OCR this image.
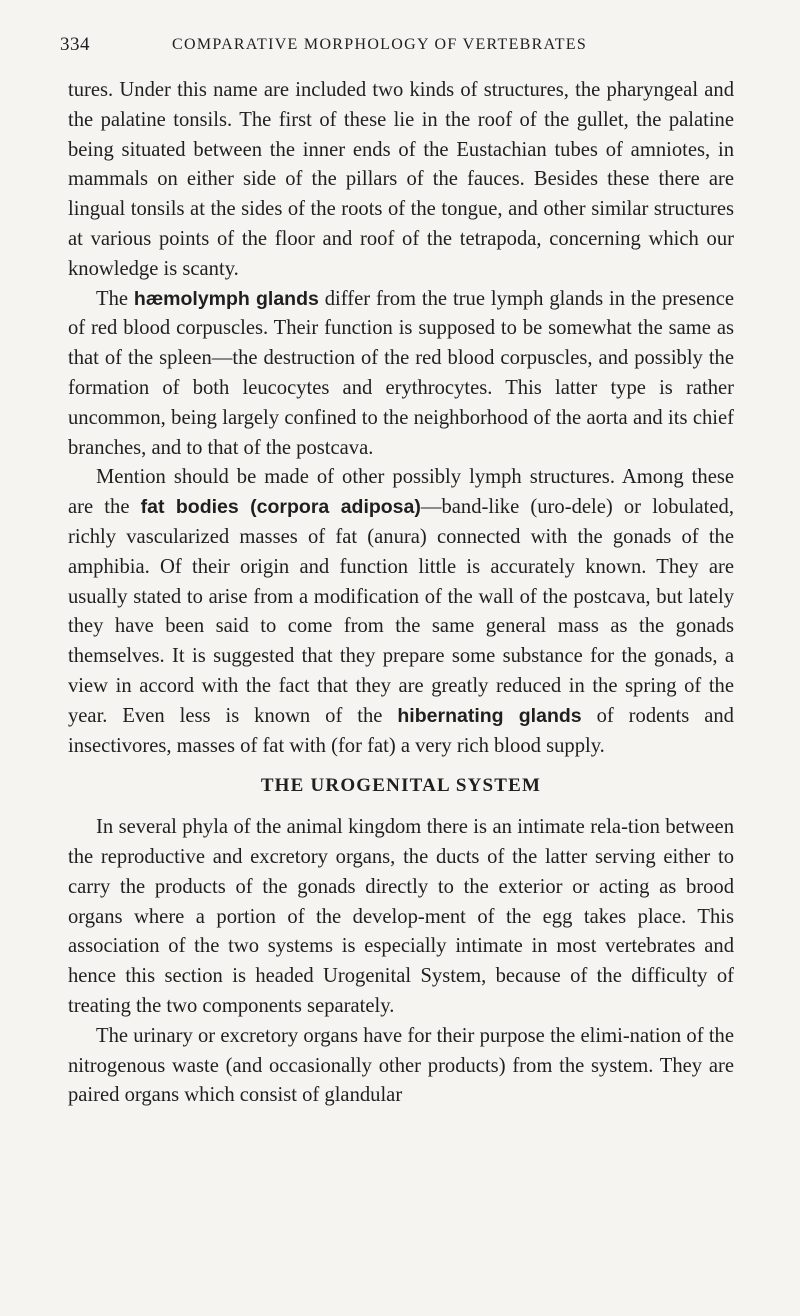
334	COMPARATIVE MORPHOLOGY OF VERTEBRATES

tures. Under this name are included two kinds of structures, the pharyngeal and the palatine tonsils. The first of these lie in the roof of the gullet, the palatine being situated between the inner ends of the Eustachian tubes of amniotes, in mammals on either side of the pillars of the fauces. Besides these there are lingual tonsils at the sides of the roots of the tongue, and other similar structures at various points of the floor and roof of the tetrapoda, concerning which our knowledge is scanty.

The hæmolymph glands differ from the true lymph glands in the presence of red blood corpuscles. Their function is supposed to be somewhat the same as that of the spleen—the destruction of the red blood corpuscles, and possibly the formation of both leucocytes and erythrocytes. This latter type is rather uncommon, being largely confined to the neighborhood of the aorta and its chief branches, and to that of the postcava.

Mention should be made of other possibly lymph structures. Among these are the fat bodies (corpora adiposa)—band-like (uro-dele) or lobulated, richly vascularized masses of fat (anura) connected with the gonads of the amphibia. Of their origin and function little is accurately known. They are usually stated to arise from a modification of the wall of the postcava, but lately they have been said to come from the same general mass as the gonads themselves. It is suggested that they prepare some substance for the gonads, a view in accord with the fact that they are greatly reduced in the spring of the year. Even less is known of the hibernating glands of rodents and insectivores, masses of fat with (for fat) a very rich blood supply.

THE UROGENITAL SYSTEM

In several phyla of the animal kingdom there is an intimate rela-tion between the reproductive and excretory organs, the ducts of the latter serving either to carry the products of the gonads directly to the exterior or acting as brood organs where a portion of the develop-ment of the egg takes place. This association of the two systems is especially intimate in most vertebrates and hence this section is headed Urogenital System, because of the difficulty of treating the two components separately.

The urinary or excretory organs have for their purpose the elimi-nation of the nitrogenous waste (and occasionally other products) from the system. They are paired organs which consist of glandular
